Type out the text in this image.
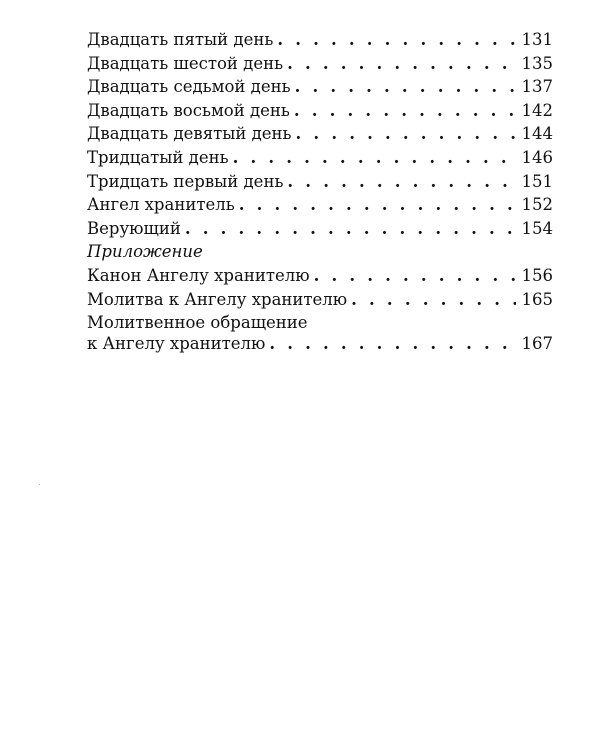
Двадцать пятый день . . .	131
Двадцать шестой день . . .	135
Двадцать седьмой день . . .	137
Двадцать восьмой день . . .	142
Двадцать девятый день . . .	144
Тридцатый день . . .	146
Тридцать первый день . . .	151
Ангел хранитель . . .	152
Верующий . . .	154
Приложение
Канон Ангелу хранителю . . .	156
Молитва к Ангелу хранителю . . .	165
Молитвенное обращение
к Ангелу хранителю . . .	167
